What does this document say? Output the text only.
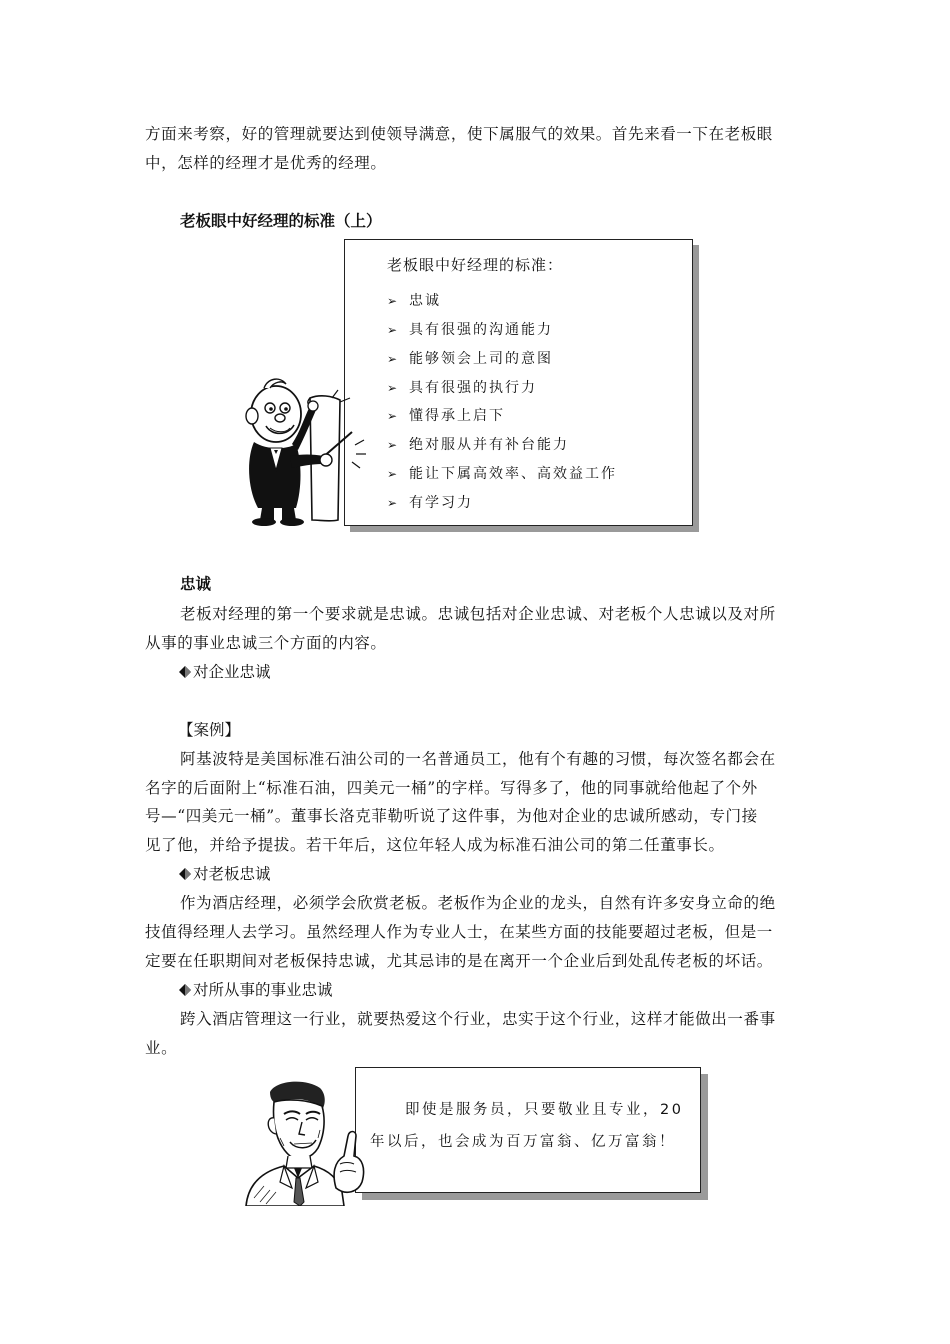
方面来考察，好的管理就要达到使领导满意，使下属服气的效果。首先来看一下在老板眼

中，怎样的经理才是优秀的经理。

老板眼中好经理的标准（上）
老板眼中好经理的标准：
➢ 忠诚
➢ 具有很强的沟通能力
➢ 能够领会上司的意图
➢ 具有很强的执行力
➢ 懂得承上启下
➢ 绝对服从并有补台能力
➢ 能让下属高效率、高效益工作
➢ 有学习力
忠诚

老板对经理的第一个要求就是忠诚。忠诚包括对企业忠诚、对老板个人忠诚以及对所

从事的事业忠诚三个方面的内容。

对企业忠诚
【案例】

阿基波特是美国标准石油公司的一名普通员工，他有个有趣的习惯，每次签名都会在

名字的后面附上“标准石油，四美元一桶”的字样。写得多了，他的同事就给他起了个外

号—“四美元一桶”。董事长洛克菲勒听说了这件事，为他对企业的忠诚所感动，专门接

见了他，并给予提拔。若干年后，这位年轻人成为标准石油公司的第二任董事长。

对老板忠诚

作为酒店经理，必须学会欣赏老板。老板作为企业的龙头，自然有许多安身立命的绝

技值得经理人去学习。虽然经理人作为专业人士，在某些方面的技能要超过老板，但是一

定要在任职期间对老板保持忠诚，尤其忌讳的是在离开一个企业后到处乱传老板的坏话。

对所从事的事业忠诚

跨入酒店管理这一行业，就要热爱这个行业，忠实于这个行业，这样才能做出一番事

业。

即使是服务员，只要敬业且专业，20
年以后，也会成为百万富翁、亿万富翁！
